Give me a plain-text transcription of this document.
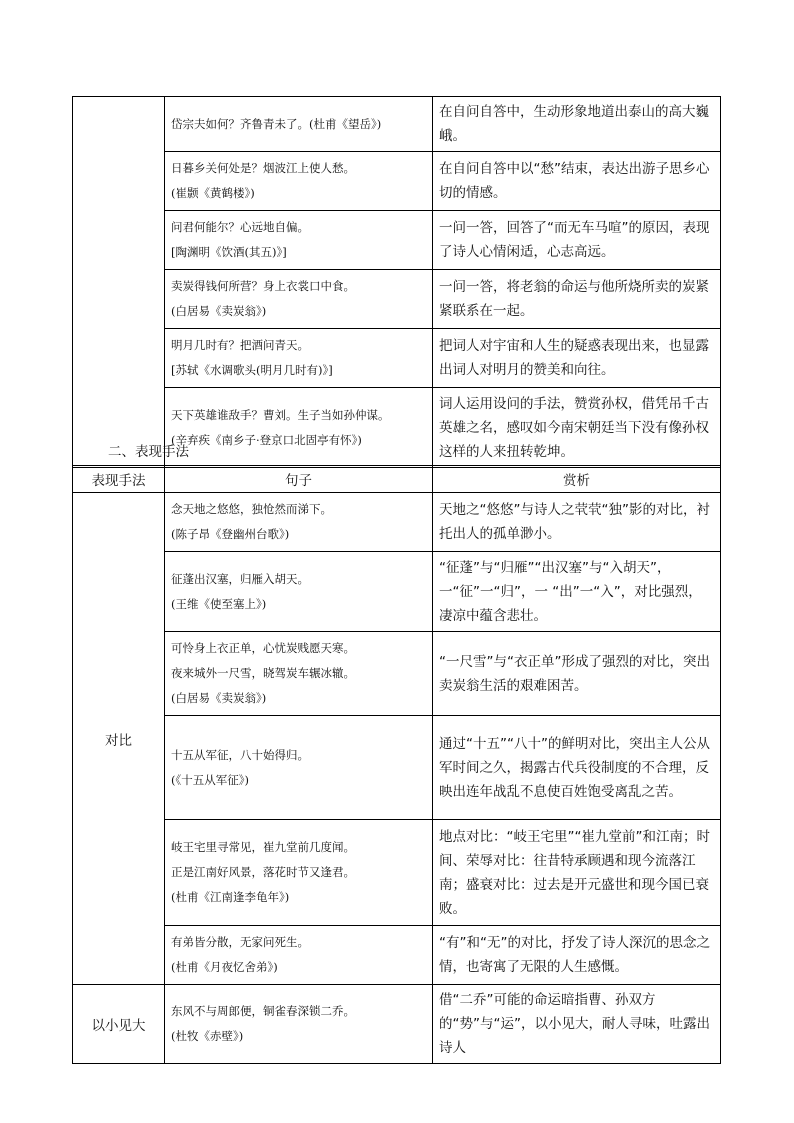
	岱宗夫如何？齐鲁青未了。(杜甫《望岳》)	在自问自答中，生动形象地道出泰山的高大巍峨。

	日暮乡关何处是？烟波江上使人愁。
(崔颢《黄鹤楼》)	在自问自答中以“愁”结束，表达出游子思乡心切的情感。

	问君何能尔？心远地自偏。
[陶渊明《饮酒(其五)》]	一问一答，回答了“而无车马喧”的原因，表现了诗人心情闲适，心志高远。

	卖炭得钱何所营？身上衣裳口中食。
(白居易《卖炭翁》)	一问一答，将老翁的命运与他所烧所卖的炭紧紧联系在一起。

	明月几时有？把酒问青天。
[苏轼《水调歌头(明月几时有)》]	把词人对宇宙和人生的疑惑表现出来，也显露出词人对明月的赞美和向往。

	天下英雄谁敌手？曹刘。生子当如孙仲谋。
(辛弃疾《南乡子·登京口北固亭有怀》)	词人运用设问的手法，赞赏孙权，借凭吊千古英雄之名，感叹如今南宋朝廷当下没有像孙权这样的人来扭转乾坤。
二、表现手法
表现手法	句子	赏析
对比	念天地之悠悠，独怆然而涕下。
(陈子昂《登幽州台歌》)	天地之“悠悠”与诗人之茕茕“独”影的对比，衬托出人的孤单渺小。

	征蓬出汉塞，归雁入胡天。
(王维《使至塞上》)	“征蓬”与“归雁”“出汉塞”与“入胡天”，一“征”一“归”，一 “出”一“入”，对比强烈，凄凉中蕴含悲壮。

	可怜身上衣正单，心忧炭贱愿天寒。
夜来城外一尺雪，晓驾炭车辗冰辙。
(白居易《卖炭翁》)	“一尺雪”与“衣正单”形成了强烈的对比，突出卖炭翁生活的艰难困苦。

	十五从军征，八十始得归。
(《十五从军征》)	通过“十五”“八十”的鲜明对比，突出主人公从军时间之久，揭露古代兵役制度的不合理，反映出连年战乱不息使百姓饱受离乱之苦。

	岐王宅里寻常见，崔九堂前几度闻。
正是江南好风景，落花时节又逢君。
(杜甫《江南逢李龟年》)	地点对比：“岐王宅里”“崔九堂前”和江南；时间、荣辱对比：往昔特承顾遇和现今流落江南；盛衰对比：过去是开元盛世和现今国已衰败。

	有弟皆分散，无家问死生。
(杜甫《月夜忆舍弟》)	“有”和“无”的对比，抒发了诗人深沉的思念之情，也寄寓了无限的人生感慨。
以小见大	东风不与周郎便，铜雀春深锁二乔。
(杜牧《赤壁》)	借“二乔”可能的命运暗指曹、孙双方的“势”与“运”，以小见大，耐人寻味，吐露出诗人
